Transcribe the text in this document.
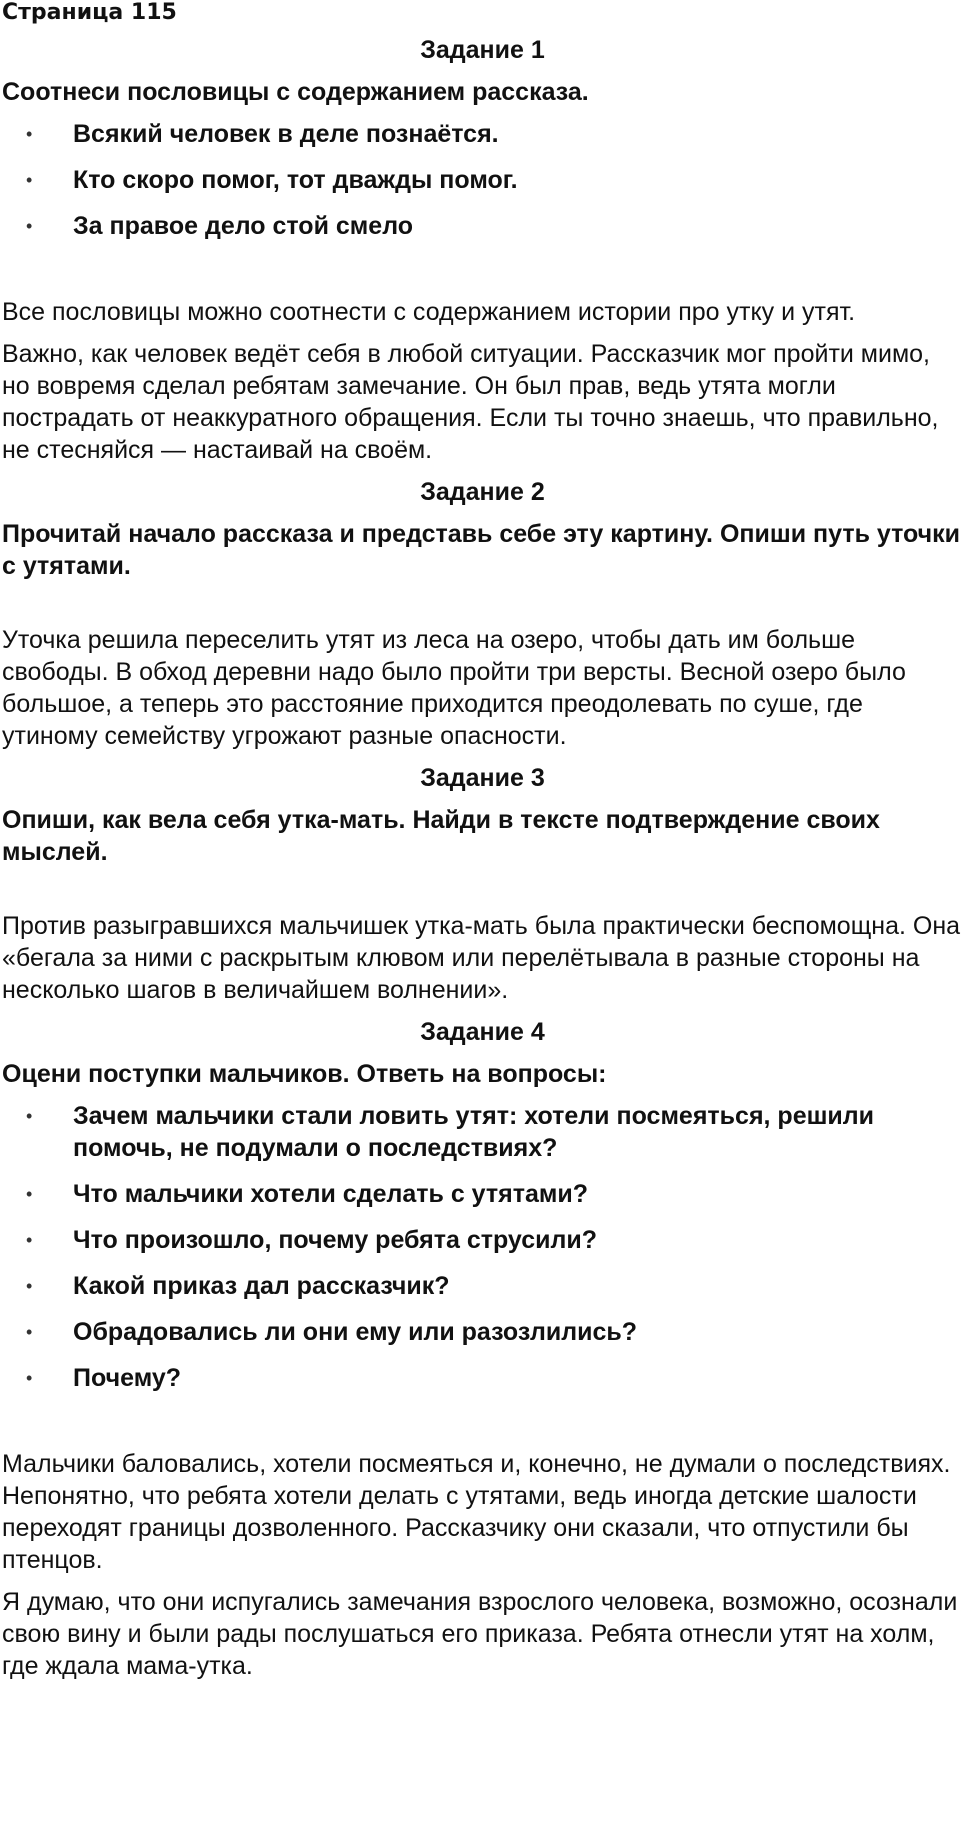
Страница 115

Задание 1

Соотнеси пословицы с содержанием рассказа.

• Всякий человек в деле познаётся.
• Кто скоро помог, тот дважды помог.
• За правое дело стой смело

Все пословицы можно соотнести с содержанием истории про утку и утят.

Важно, как человек ведёт себя в любой ситуации. Рассказчик мог пройти мимо, но вовремя сделал ребятам замечание. Он был прав, ведь утята могли пострадать от неаккуратного обращения. Если ты точно знаешь, что правильно, не стесняйся — настаивай на своём.

Задание 2

Прочитай начало рассказа и представь себе эту картину. Опиши путь уточки с утятами.

Уточка решила переселить утят из леса на озеро, чтобы дать им больше свободы. В обход деревни надо было пройти три версты. Весной озеро было большое, а теперь это расстояние приходится преодолевать по суше, где утиному семейству угрожают разные опасности.

Задание 3

Опиши, как вела себя утка-мать. Найди в тексте подтверждение своих мыслей.

Против разыгравшихся мальчишек утка-мать была практически беспомощна. Она «бегала за ними с раскрытым клювом или перелётывала в разные стороны на несколько шагов в величайшем волнении».

Задание 4

Оцени поступки мальчиков. Ответь на вопросы:

• Зачем мальчики стали ловить утят: хотели посмеяться, решили помочь, не подумали о последствиях?
• Что мальчики хотели сделать с утятами?
• Что произошло, почему ребята струсили?
• Какой приказ дал рассказчик?
• Обрадовались ли они ему или разозлились?
• Почему?

Мальчики баловались, хотели посмеяться и, конечно, не думали о последствиях. Непонятно, что ребята хотели делать с утятами, ведь иногда детские шалости переходят границы дозволенного. Рассказчику они сказали, что отпустили бы птенцов.

Я думаю, что они испугались замечания взрослого человека, возможно, осознали свою вину и были рады послушаться его приказа. Ребята отнесли утят на холм, где ждала мама-утка.
